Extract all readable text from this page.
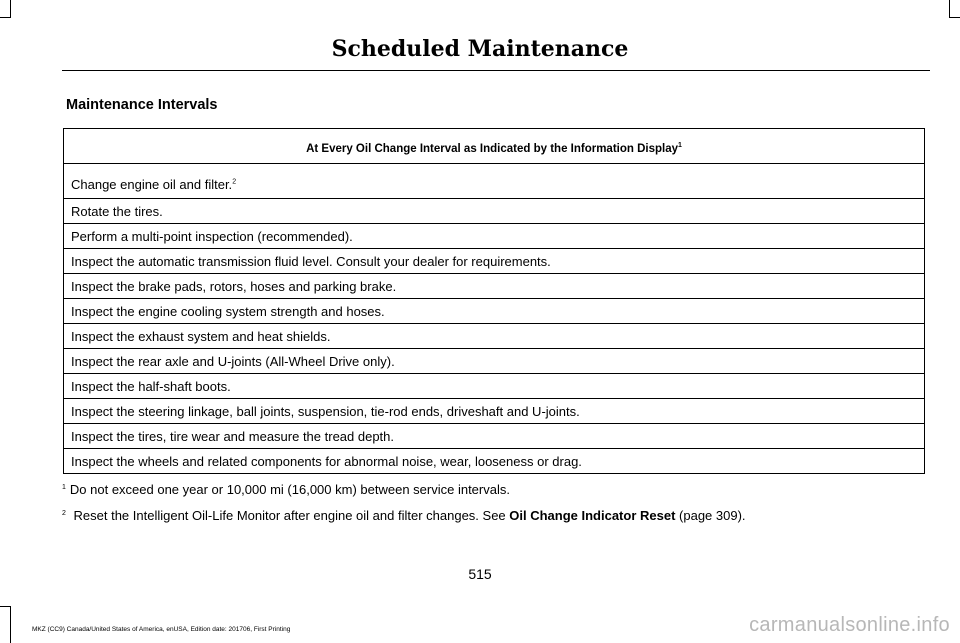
Scheduled Maintenance
Maintenance Intervals
At Every Oil Change Interval as Indicated by the Information Display$^1$
Change engine oil and filter.$^2$
Rotate the tires.
Perform a multi-point inspection (recommended).
Inspect the automatic transmission fluid level. Consult your dealer for requirements.
Inspect the brake pads, rotors, hoses and parking brake.
Inspect the engine cooling system strength and hoses.
Inspect the exhaust system and heat shields.
Inspect the rear axle and U-joints (All-Wheel Drive only).
Inspect the half-shaft boots.
Inspect the steering linkage, ball joints, suspension, tie-rod ends, driveshaft and U-joints.
Inspect the tires, tire wear and measure the tread depth.
Inspect the wheels and related components for abnormal noise, wear, looseness or drag.
$^1$ Do not exceed one year or 10,000 mi (16,000 km) between service intervals.
$^2$ Reset the Intelligent Oil-Life Monitor after engine oil and filter changes. See Oil Change Indicator Reset (page 309).
515
MKZ (CC9) Canada/United States of America, enUSA, Edition date: 201706, First Printing	carmanualsonline.info
